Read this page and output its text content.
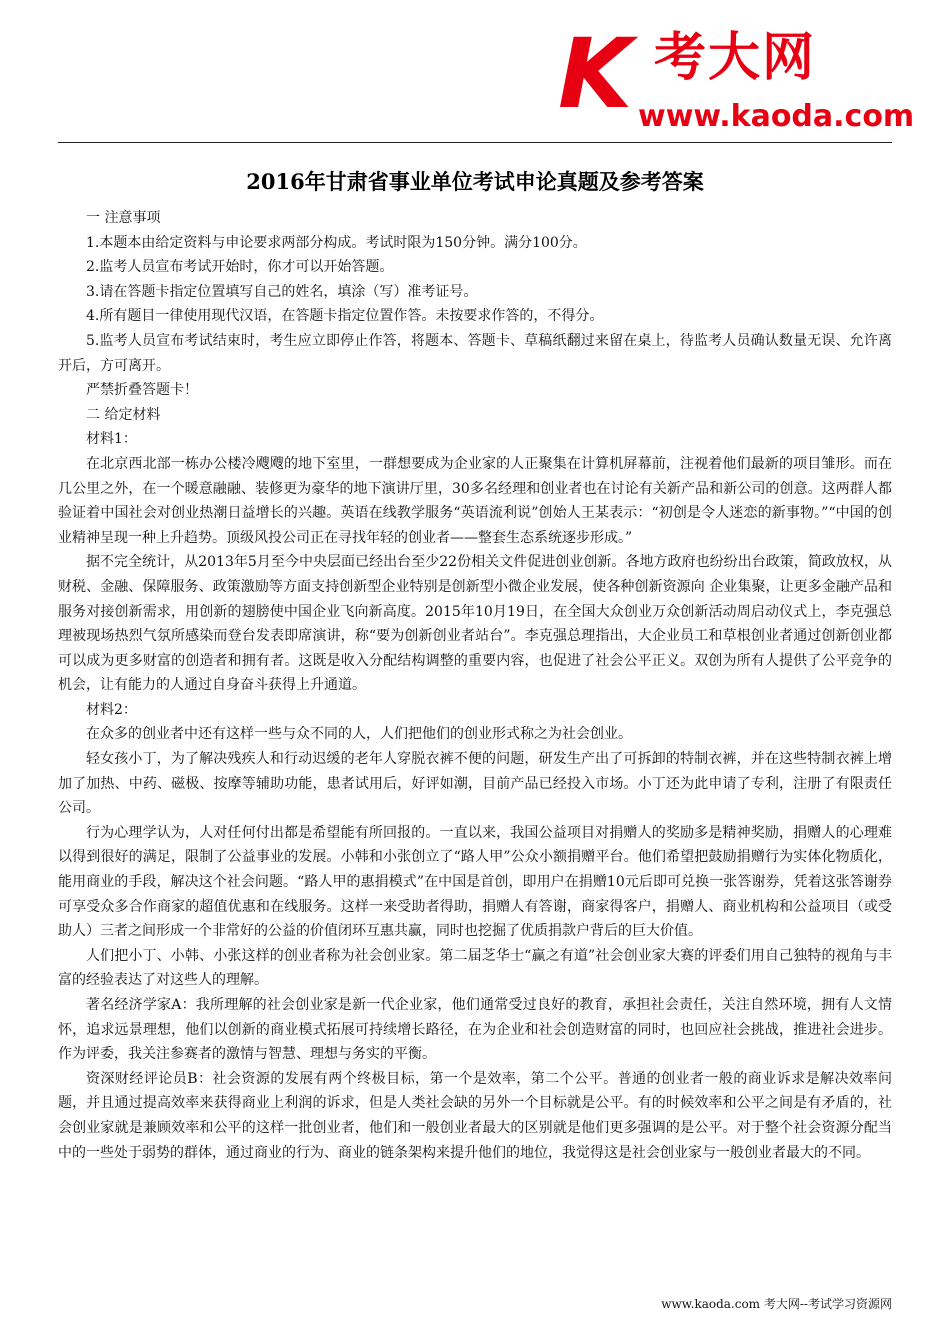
K 考大网
www.kaoda.com
2016年甘肃省事业单位考试申论真题及参考答案

一 注意事项

1.本题本由给定资料与申论要求两部分构成。考试时限为150分钟。满分100分。

2.监考人员宣布考试开始时，你才可以开始答题。

3.请在答题卡指定位置填写自己的姓名，填涂（写）准考证号。

4.所有题目一律使用现代汉语，在答题卡指定位置作答。未按要求作答的，不得分。

5.监考人员宣布考试结束时，考生应立即停止作答，将题本、答题卡、草稿纸翻过来留在桌上，待监考人员确认数量无误、允许离开后，方可离开。

严禁折叠答题卡！

二 给定材料

材料1：

在北京西北部一栋办公楼冷飕飕的地下室里，一群想要成为企业家的人正聚集在计算机屏幕前，注视着他们最新的项目雏形。而在几公里之外，在一个暖意融融、装修更为豪华的地下演讲厅里，30多名经理和创业者也在讨论有关新产品和新公司的创意。这两群人都验证着中国社会对创业热潮日益增长的兴趣。英语在线教学服务“英语流利说”创始人王某表示：“初创是令人迷恋的新事物。”“中国的创业精神呈现一种上升趋势。顶级风投公司正在寻找年轻的创业者——整套生态系统逐步形成。”

据不完全统计，从2013年5月至今中央层面已经出台至少22份相关文件促进创业创新。各地方政府也纷纷出台政策，简政放权，从财税、金融、保障服务、政策激励等方面支持创新型企业特别是创新型小微企业发展，使各种创新资源向 企业集聚，让更多金融产品和服务对接创新需求，用创新的翅膀使中国企业飞向新高度。2015年10月19日，在全国大众创业万众创新活动周启动仪式上，李克强总理被现场热烈气氛所感染而登台发表即席演讲，称“要为创新创业者站台”。李克强总理指出，大企业员工和草根创业者通过创新创业都可以成为更多财富的创造者和拥有者。这既是收入分配结构调整的重要内容，也促进了社会公平正义。双创为所有人提供了公平竞争的机会，让有能力的人通过自身奋斗获得上升通道。

材料2：

在众多的创业者中还有这样一些与众不同的人，人们把他们的创业形式称之为社会创业。

轻女孩小丁，为了解决残疾人和行动迟缓的老年人穿脱衣裤不便的问题，研发生产出了可拆卸的特制衣裤，并在这些特制衣裤上增加了加热、中药、磁极、按摩等辅助功能，患者试用后，好评如潮，目前产品已经投入市场。小丁还为此申请了专利，注册了有限责任公司。

行为心理学认为，人对任何付出都是希望能有所回报的。一直以来，我国公益项目对捐赠人的奖励多是精神奖励，捐赠人的心理难以得到很好的满足，限制了公益事业的发展。小韩和小张创立了“路人甲”公众小额捐赠平台。他们希望把鼓励捐赠行为实体化物质化，能用商业的手段，解决这个社会问题。“路人甲的惠捐模式”在中国是首创，即用户在捐赠10元后即可兑换一张答谢券，凭着这张答谢券可享受众多合作商家的超值优惠和在线服务。这样一来受助者得助，捐赠人有答谢，商家得客户，捐赠人、商业机构和公益项目（或受助人）三者之间形成一个非常好的公益的价值闭环互惠共赢，同时也挖掘了优质捐款户背后的巨大价值。

人们把小丁、小韩、小张这样的创业者称为社会创业家。第二届芝华士“赢之有道”社会创业家大赛的评委们用自己独特的视角与丰富的经验表达了对这些人的理解。

著名经济学家A：我所理解的社会创业家是新一代企业家，他们通常受过良好的教育，承担社会责任，关注自然环境，拥有人文情怀，追求远景理想，他们以创新的商业模式拓展可持续增长路径，在为企业和社会创造财富的同时，也回应社会挑战，推进社会进步。作为评委，我关注参赛者的激情与智慧、理想与务实的平衡。

资深财经评论员B：社会资源的发展有两个终极目标，第一个是效率，第二个公平。普通的创业者一般的商业诉求是解决效率问题，并且通过提高效率来获得商业上利润的诉求，但是人类社会缺的另外一个目标就是公平。有的时候效率和公平之间是有矛盾的，社会创业家就是兼顾效率和公平的这样一批创业者，他们和一般创业者最大的区别就是他们更多强调的是公平。对于整个社会资源分配当中的一些处于弱势的群体，通过商业的行为、商业的链条架构来提升他们的地位，我觉得这是社会创业家与一般创业者最大的不同。

www.kaoda.com 考大网--考试学习资源网
